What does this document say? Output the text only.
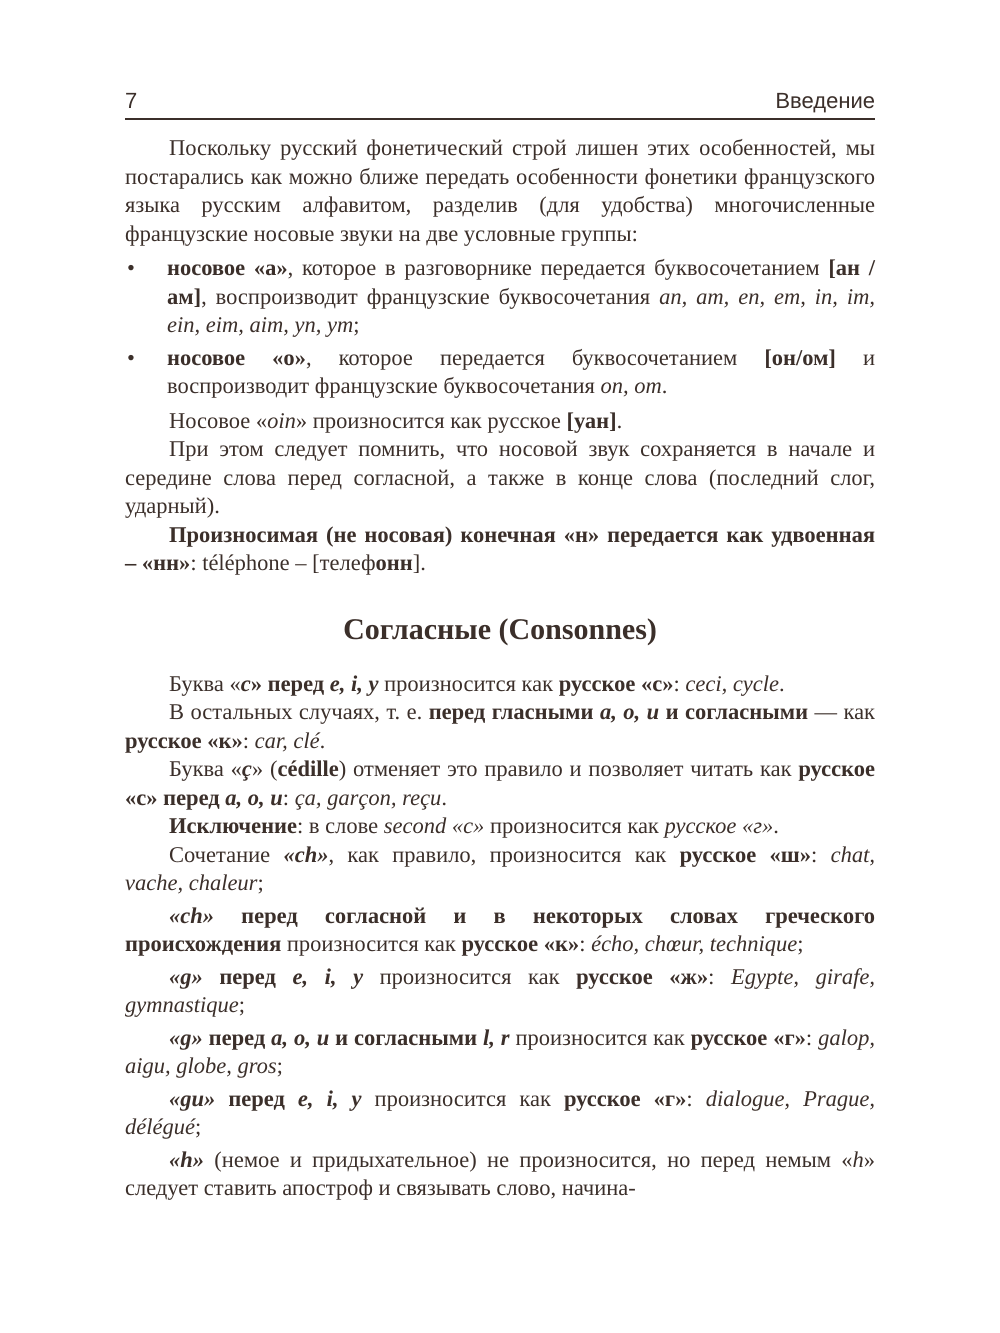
7	Введение

Поскольку русский фонетический строй лишен этих особенностей, мы постарались как можно ближе передать особенности фонетики французского языка русским алфавитом, разделив (для удобства) многочисленные французские носовые звуки на две условные группы:

• носовое «а», которое в разговорнике передается буквосочетанием [ан / ам], воспроизводит французские буквосочетания an, am, en, em, in, im, ein, eim, aim, yn, ym;
• носовое «о», которое передается буквосочетанием [он/ом] и воспроизводит французские буквосочетания on, om.

Носовое «oin» произносится как русское [уан].

При этом следует помнить, что носовой звук сохраняется в начале и середине слова перед согласной, а также в конце слова (последний слог, ударный).

Произносимая (не носовая) конечная «н» передается как удвоенная – «нн»: téléphone – [телефонн].

Согласные (Consonnes)

Буква «с» перед e, i, y произносится как русское «с»: ceci, cycle.

В остальных случаях, т. е. перед гласными a, o, u и согласными — как русское «к»: car, clé.

Буква «ç» (cédille) отменяет это правило и позволяет читать как русское «с» перед a, o, u: ça, garçon, reçu.

Исключение: в слове second «c» произносится как русское «г».

Сочетание «ch», как правило, произносится как русское «ш»: chat, vache, chaleur;

«ch» перед согласной и в некоторых словах греческого происхождения произносится как русское «к»: écho, chœur, technique;

«g» перед e, i, y произносится как русское «ж»: Egypte, girafe, gymnastique;

«g» перед a, o, u и согласными l, r произносится как русское «г»: galop, aigu, globe, gros;

«gu» перед e, i, y произносится как русское «г»: dialogue, Prague, délégué;

«h» (немое и придыхательное) не произносится, но перед немым «h» следует ставить апостроф и связывать слово, начина-
